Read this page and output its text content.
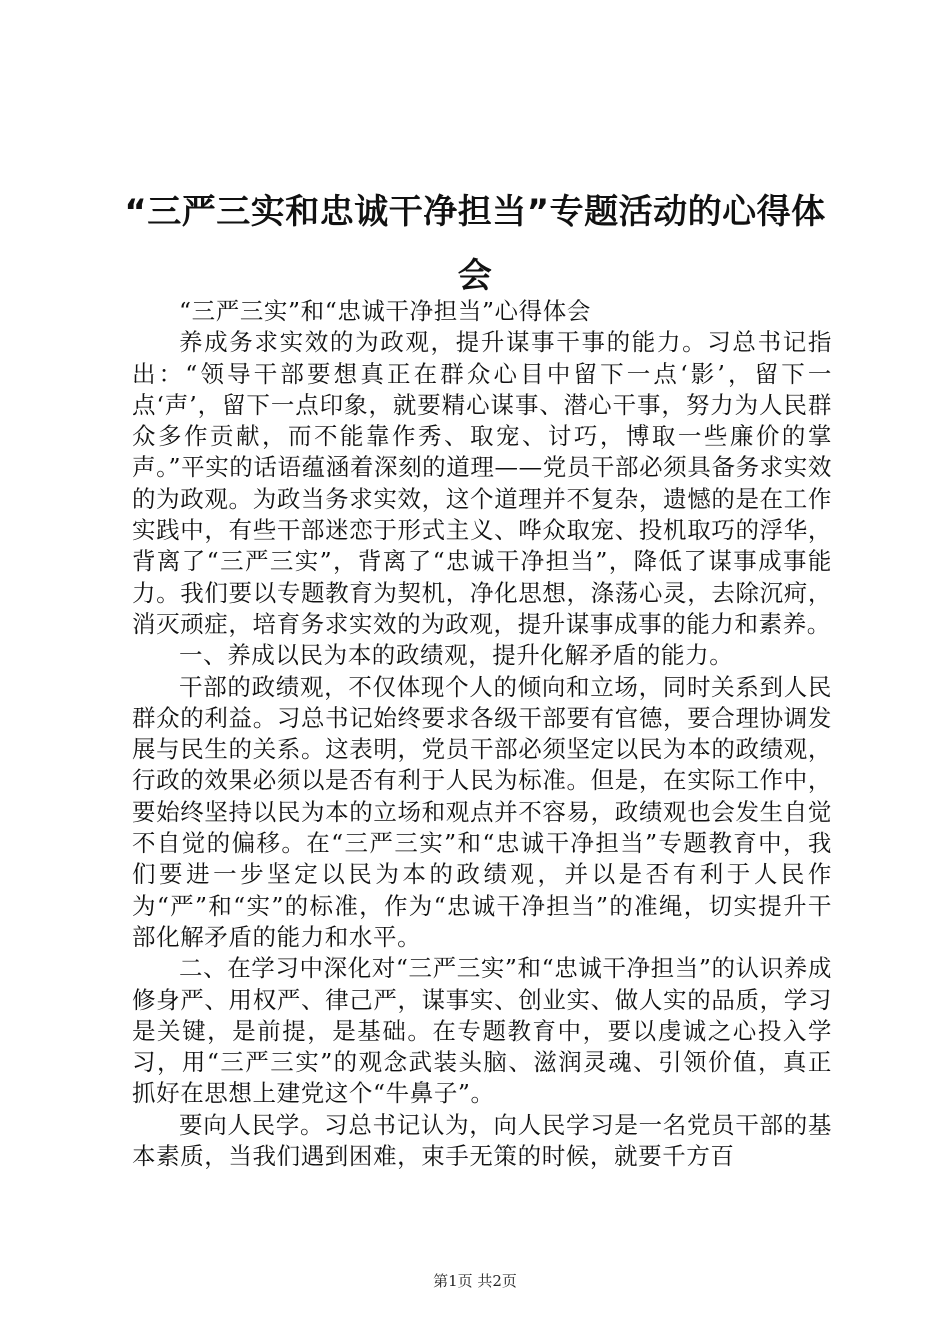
“三严三实和忠诚干净担当”专题活动的心得体会

“三严三实”和“忠诚干净担当”心得体会

养成务求实效的为政观，提升谋事干事的能力。习总书记指出：“领导干部要想真正在群众心目中留下一点‘影’，留下一点‘声’，留下一点印象，就要精心谋事、潜心干事，努力为人民群众多作贡献，而不能靠作秀、取宠、讨巧，博取一些廉价的掌声。”平实的话语蕴涵着深刻的道理——党员干部必须具备务求实效的为政观。为政当务求实效，这个道理并不复杂，遗憾的是在工作实践中，有些干部迷恋于形式主义、哗众取宠、投机取巧的浮华，背离了“三严三实”，背离了“忠诚干净担当”，降低了谋事成事能力。我们要以专题教育为契机，净化思想，涤荡心灵，去除沉疴，消灭顽症，培育务求实效的为政观，提升谋事成事的能力和素养。

一、养成以民为本的政绩观，提升化解矛盾的能力。

干部的政绩观，不仅体现个人的倾向和立场，同时关系到人民群众的利益。习总书记始终要求各级干部要有官德，要合理协调发展与民生的关系。这表明，党员干部必须坚定以民为本的政绩观，行政的效果必须以是否有利于人民为标准。但是，在实际工作中，要始终坚持以民为本的立场和观点并不容易，政绩观也会发生自觉不自觉的偏移。在“三严三实”和“忠诚干净担当”专题教育中，我们要进一步坚定以民为本的政绩观，并以是否有利于人民作为“严”和“实”的标准，作为“忠诚干净担当”的准绳，切实提升干部化解矛盾的能力和水平。

二、在学习中深化对“三严三实”和“忠诚干净担当”的认识养成修身严、用权严、律己严，谋事实、创业实、做人实的品质，学习是关键，是前提，是基础。在专题教育中，要以虔诚之心投入学习，用“三严三实”的观念武装头脑、滋润灵魂、引领价值，真正抓好在思想上建党这个“牛鼻子”。

要向人民学。习总书记认为，向人民学习是一名党员干部的基本素质，当我们遇到困难，束手无策的时候，就要千方百

第1页 共2页
